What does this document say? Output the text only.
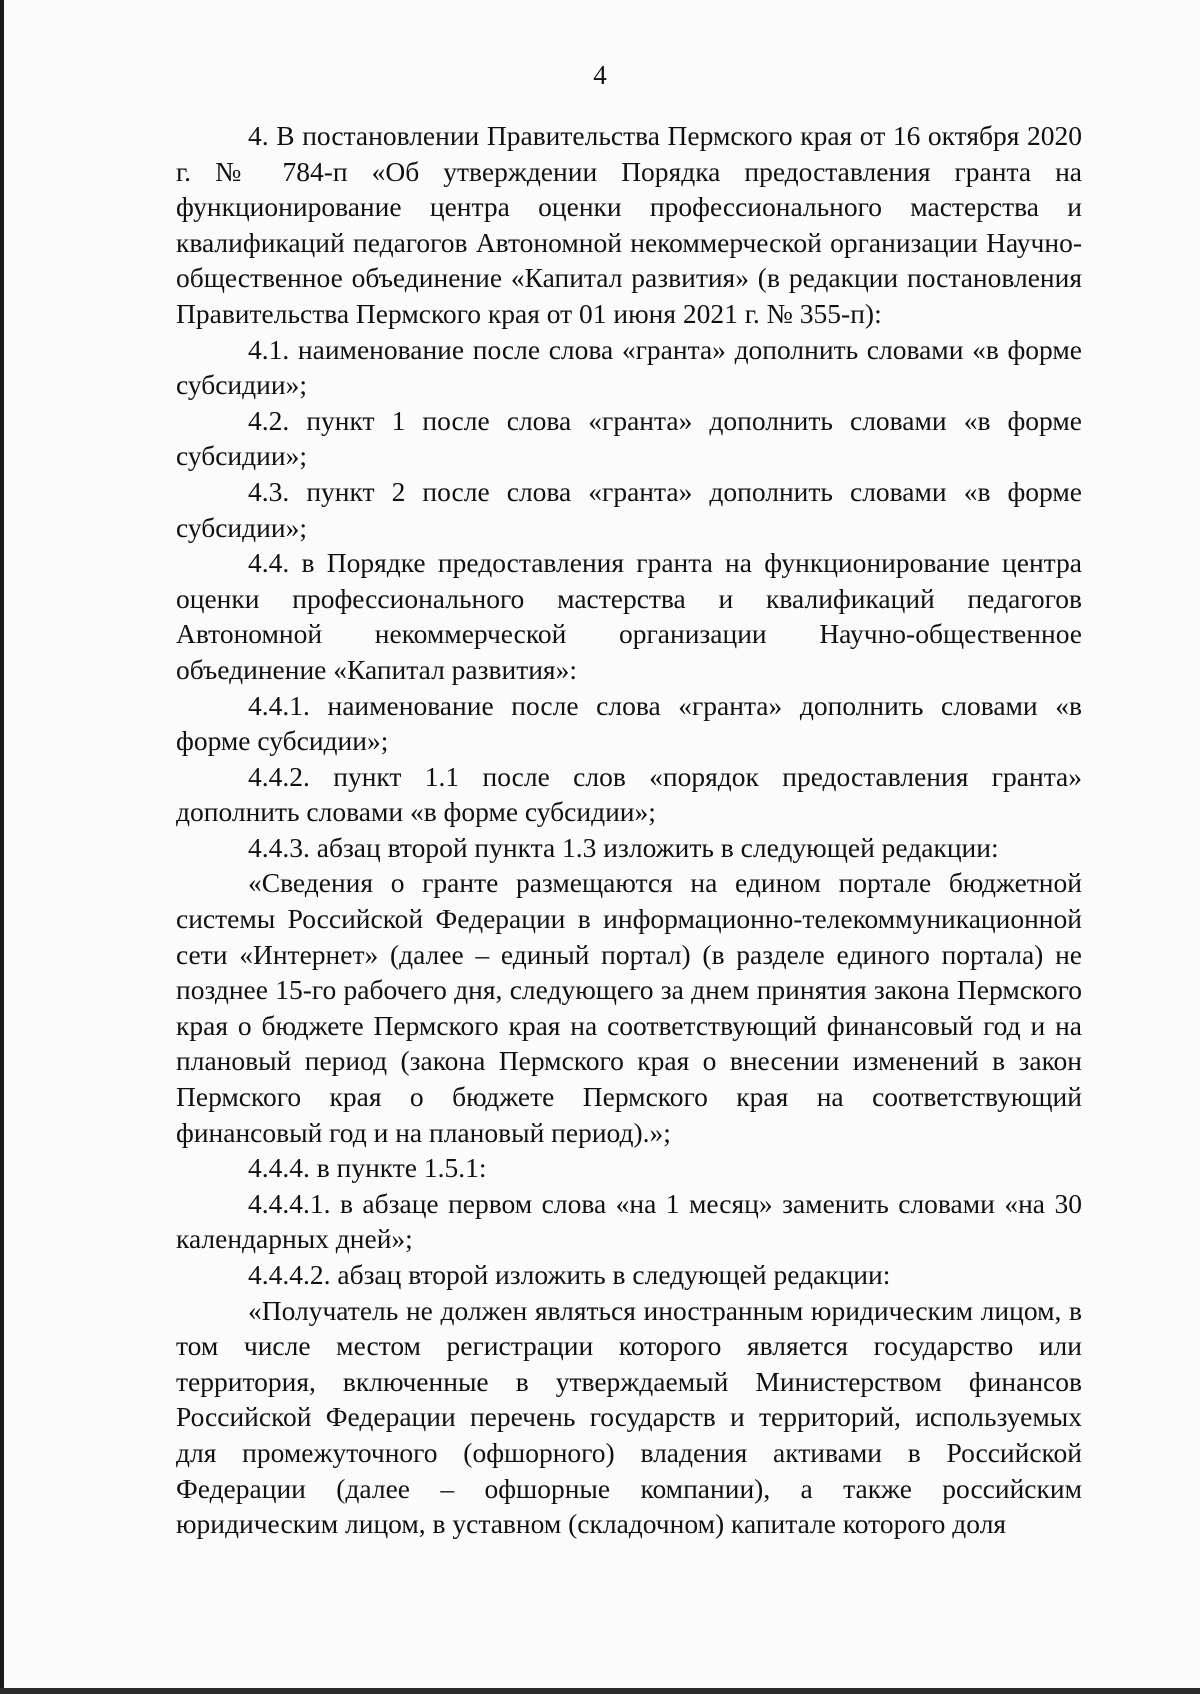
4

4. В постановлении Правительства Пермского края от 16 октября 2020 г. № 784-п «Об утверждении Порядка предоставления гранта на функционирование центра оценки профессионального мастерства и квалификаций педагогов Автономной некоммерческой организации Научно-общественное объединение «Капитал развития» (в редакции постановления Правительства Пермского края от 01 июня 2021 г. № 355-п):

4.1. наименование после слова «гранта» дополнить словами «в форме субсидии»;

4.2. пункт 1 после слова «гранта» дополнить словами «в форме субсидии»;

4.3. пункт 2 после слова «гранта» дополнить словами «в форме субсидии»;

4.4. в Порядке предоставления гранта на функционирование центра оценки профессионального мастерства и квалификаций педагогов Автономной некоммерческой организации Научно-общественное объединение «Капитал развития»:

4.4.1. наименование после слова «гранта» дополнить словами «в форме субсидии»;

4.4.2. пункт 1.1 после слов «порядок предоставления гранта» дополнить словами «в форме субсидии»;

4.4.3. абзац второй пункта 1.3 изложить в следующей редакции:

«Сведения о гранте размещаются на едином портале бюджетной системы Российской Федерации в информационно-телекоммуникационной сети «Интернет» (далее – единый портал) (в разделе единого портала) не позднее 15-го рабочего дня, следующего за днем принятия закона Пермского края о бюджете Пермского края на соответствующий финансовый год и на плановый период (закона Пермского края о внесении изменений в закон Пермского края о бюджете Пермского края на соответствующий финансовый год и на плановый период).»;

4.4.4. в пункте 1.5.1:

4.4.4.1. в абзаце первом слова «на 1 месяц» заменить словами «на 30 календарных дней»;

4.4.4.2. абзац второй изложить в следующей редакции:

«Получатель не должен являться иностранным юридическим лицом, в том числе местом регистрации которого является государство или территория, включенные в утверждаемый Министерством финансов Российской Федерации перечень государств и территорий, используемых для промежуточного (офшорного) владения активами в Российской Федерации (далее – офшорные компании), а также российским юридическим лицом, в уставном (складочном) капитале которого доля
